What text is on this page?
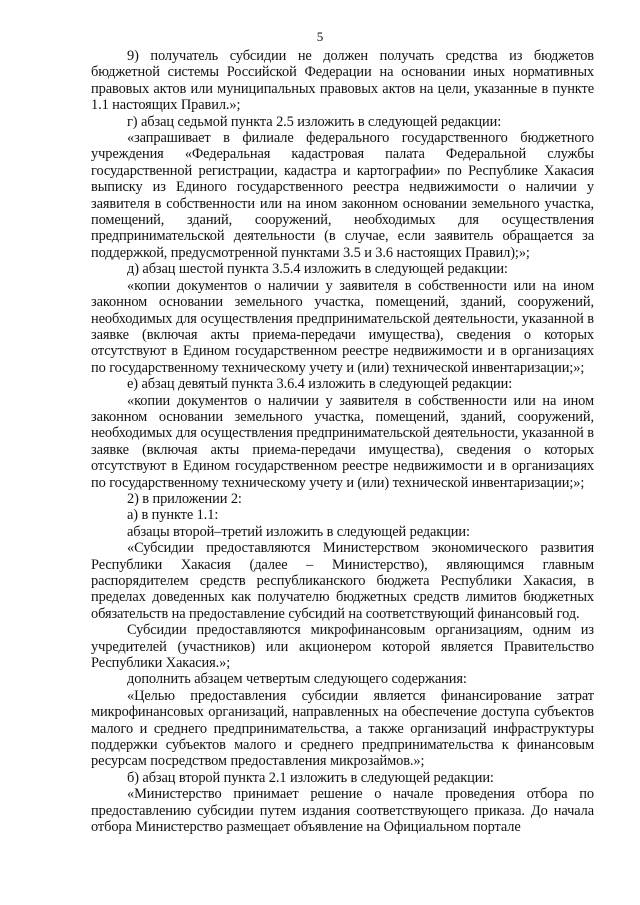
5

9) получатель субсидии не должен получать средства из бюджетов бюджетной системы Российской Федерации на основании иных нормативных правовых актов или муниципальных правовых актов на цели, указанные в пункте 1.1 настоящих Правил.»;

г) абзац седьмой пункта 2.5 изложить в следующей редакции:

«запрашивает в филиале федерального государственного бюджетного учреждения «Федеральная кадастровая палата Федеральной службы государственной регистрации, кадастра и картографии» по Республике Хакасия выписку из Единого государственного реестра недвижимости о наличии у заявителя в собственности или на ином законном основании земельного участка, помещений, зданий, сооружений, необходимых для осуществления предпринимательской деятельности (в случае, если заявитель обращается за поддержкой, предусмотренной пунктами 3.5 и 3.6 настоящих Правил);»;

д) абзац шестой пункта 3.5.4 изложить в следующей редакции:

«копии документов о наличии у заявителя в собственности или на ином законном основании земельного участка, помещений, зданий, сооружений, необходимых для осуществления предпринимательской деятельности, указанной в заявке (включая акты приема-передачи имущества), сведения о которых отсутствуют в Едином государственном реестре недвижимости и в организациях по государственному техническому учету и (или) технической инвентаризации;»;

е) абзац девятый пункта 3.6.4 изложить в следующей редакции:

«копии документов о наличии у заявителя в собственности или на ином законном основании земельного участка, помещений, зданий, сооружений, необходимых для осуществления предпринимательской деятельности, указанной в заявке (включая акты приема-передачи имущества), сведения о которых отсутствуют в Едином государственном реестре недвижимости и в организациях по государственному техническому учету и (или) технической инвентаризации;»;

2) в приложении 2:

а) в пункте 1.1:

абзацы второй–третий изложить в следующей редакции:

«Субсидии предоставляются Министерством экономического развития Республики Хакасия (далее – Министерство), являющимся главным распорядителем средств республиканского бюджета Республики Хакасия, в пределах доведенных как получателю бюджетных средств лимитов бюджетных обязательств на предоставление субсидий на соответствующий финансовый год.

Субсидии предоставляются микрофинансовым организациям, одним из учредителей (участников) или акционером которой является Правительство Республики Хакасия.»;

дополнить абзацем четвертым следующего содержания:

«Целью предоставления субсидии является финансирование затрат микрофинансовых организаций, направленных на обеспечение доступа субъектов малого и среднего предпринимательства, а также организаций инфраструктуры поддержки субъектов малого и среднего предпринимательства к финансовым ресурсам посредством предоставления микрозаймов.»;

б) абзац второй пункта 2.1 изложить в следующей редакции:

«Министерство принимает решение о начале проведения отбора по предоставлению субсидии путем издания соответствующего приказа. До начала отбора Министерство размещает объявление на Официальном портале
